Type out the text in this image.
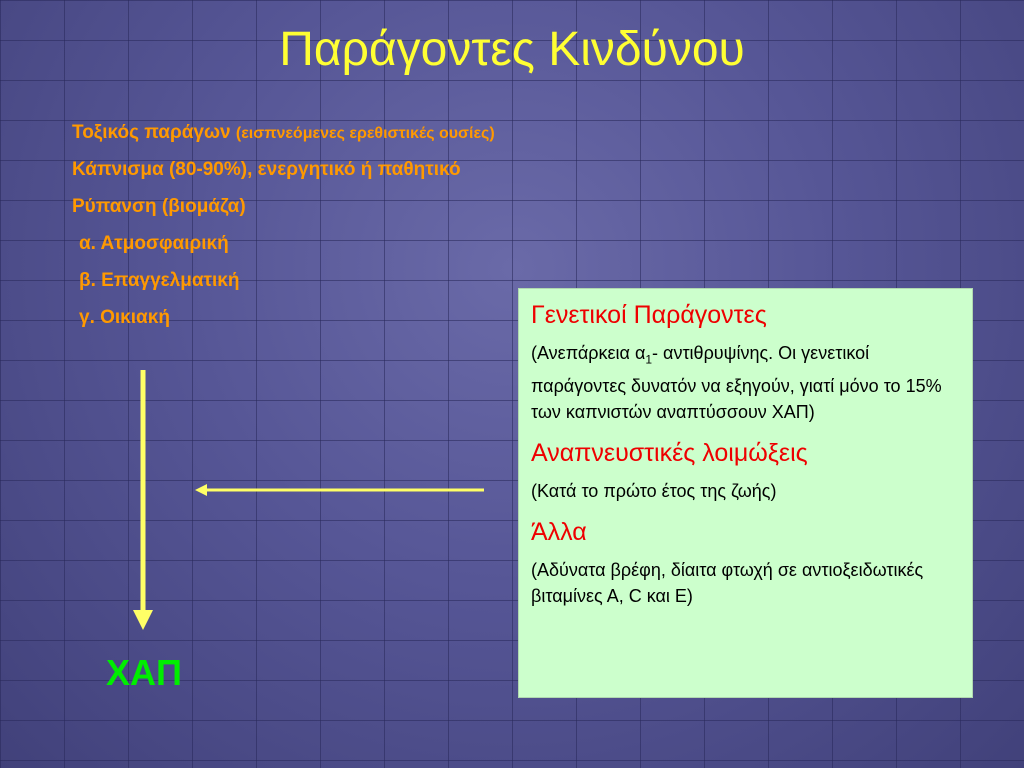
Παράγοντες Κινδύνου
Τοξικός παράγων (εισπνεόμενες ερεθιστικές ουσίες)
Κάπνισμα (80-90%), ενεργητικό ή παθητικό
Ρύπανση (βιομάζα)
α. Ατμοσφαιρική
β. Επαγγελματική
γ. Οικιακή
ΧΑΠ
Γενετικοί Παράγοντες
(Ανεπάρκεια $\alpha_1-$ αντιθρυψίνης. Οι γενετικοί παράγοντες δυνατόν να εξηγούν, γιατί μόνο το 15% των καπνιστών αναπτύσσουν ΧΑΠ)
Αναπνευστικές λοιμώξεις
(Κατά το πρώτο έτος της ζωής)
Άλλα
(Αδύνατα βρέφη, δίαιτα φτωχή σε αντιοξειδωτικές βιταμίνες Α, C και Ε)
